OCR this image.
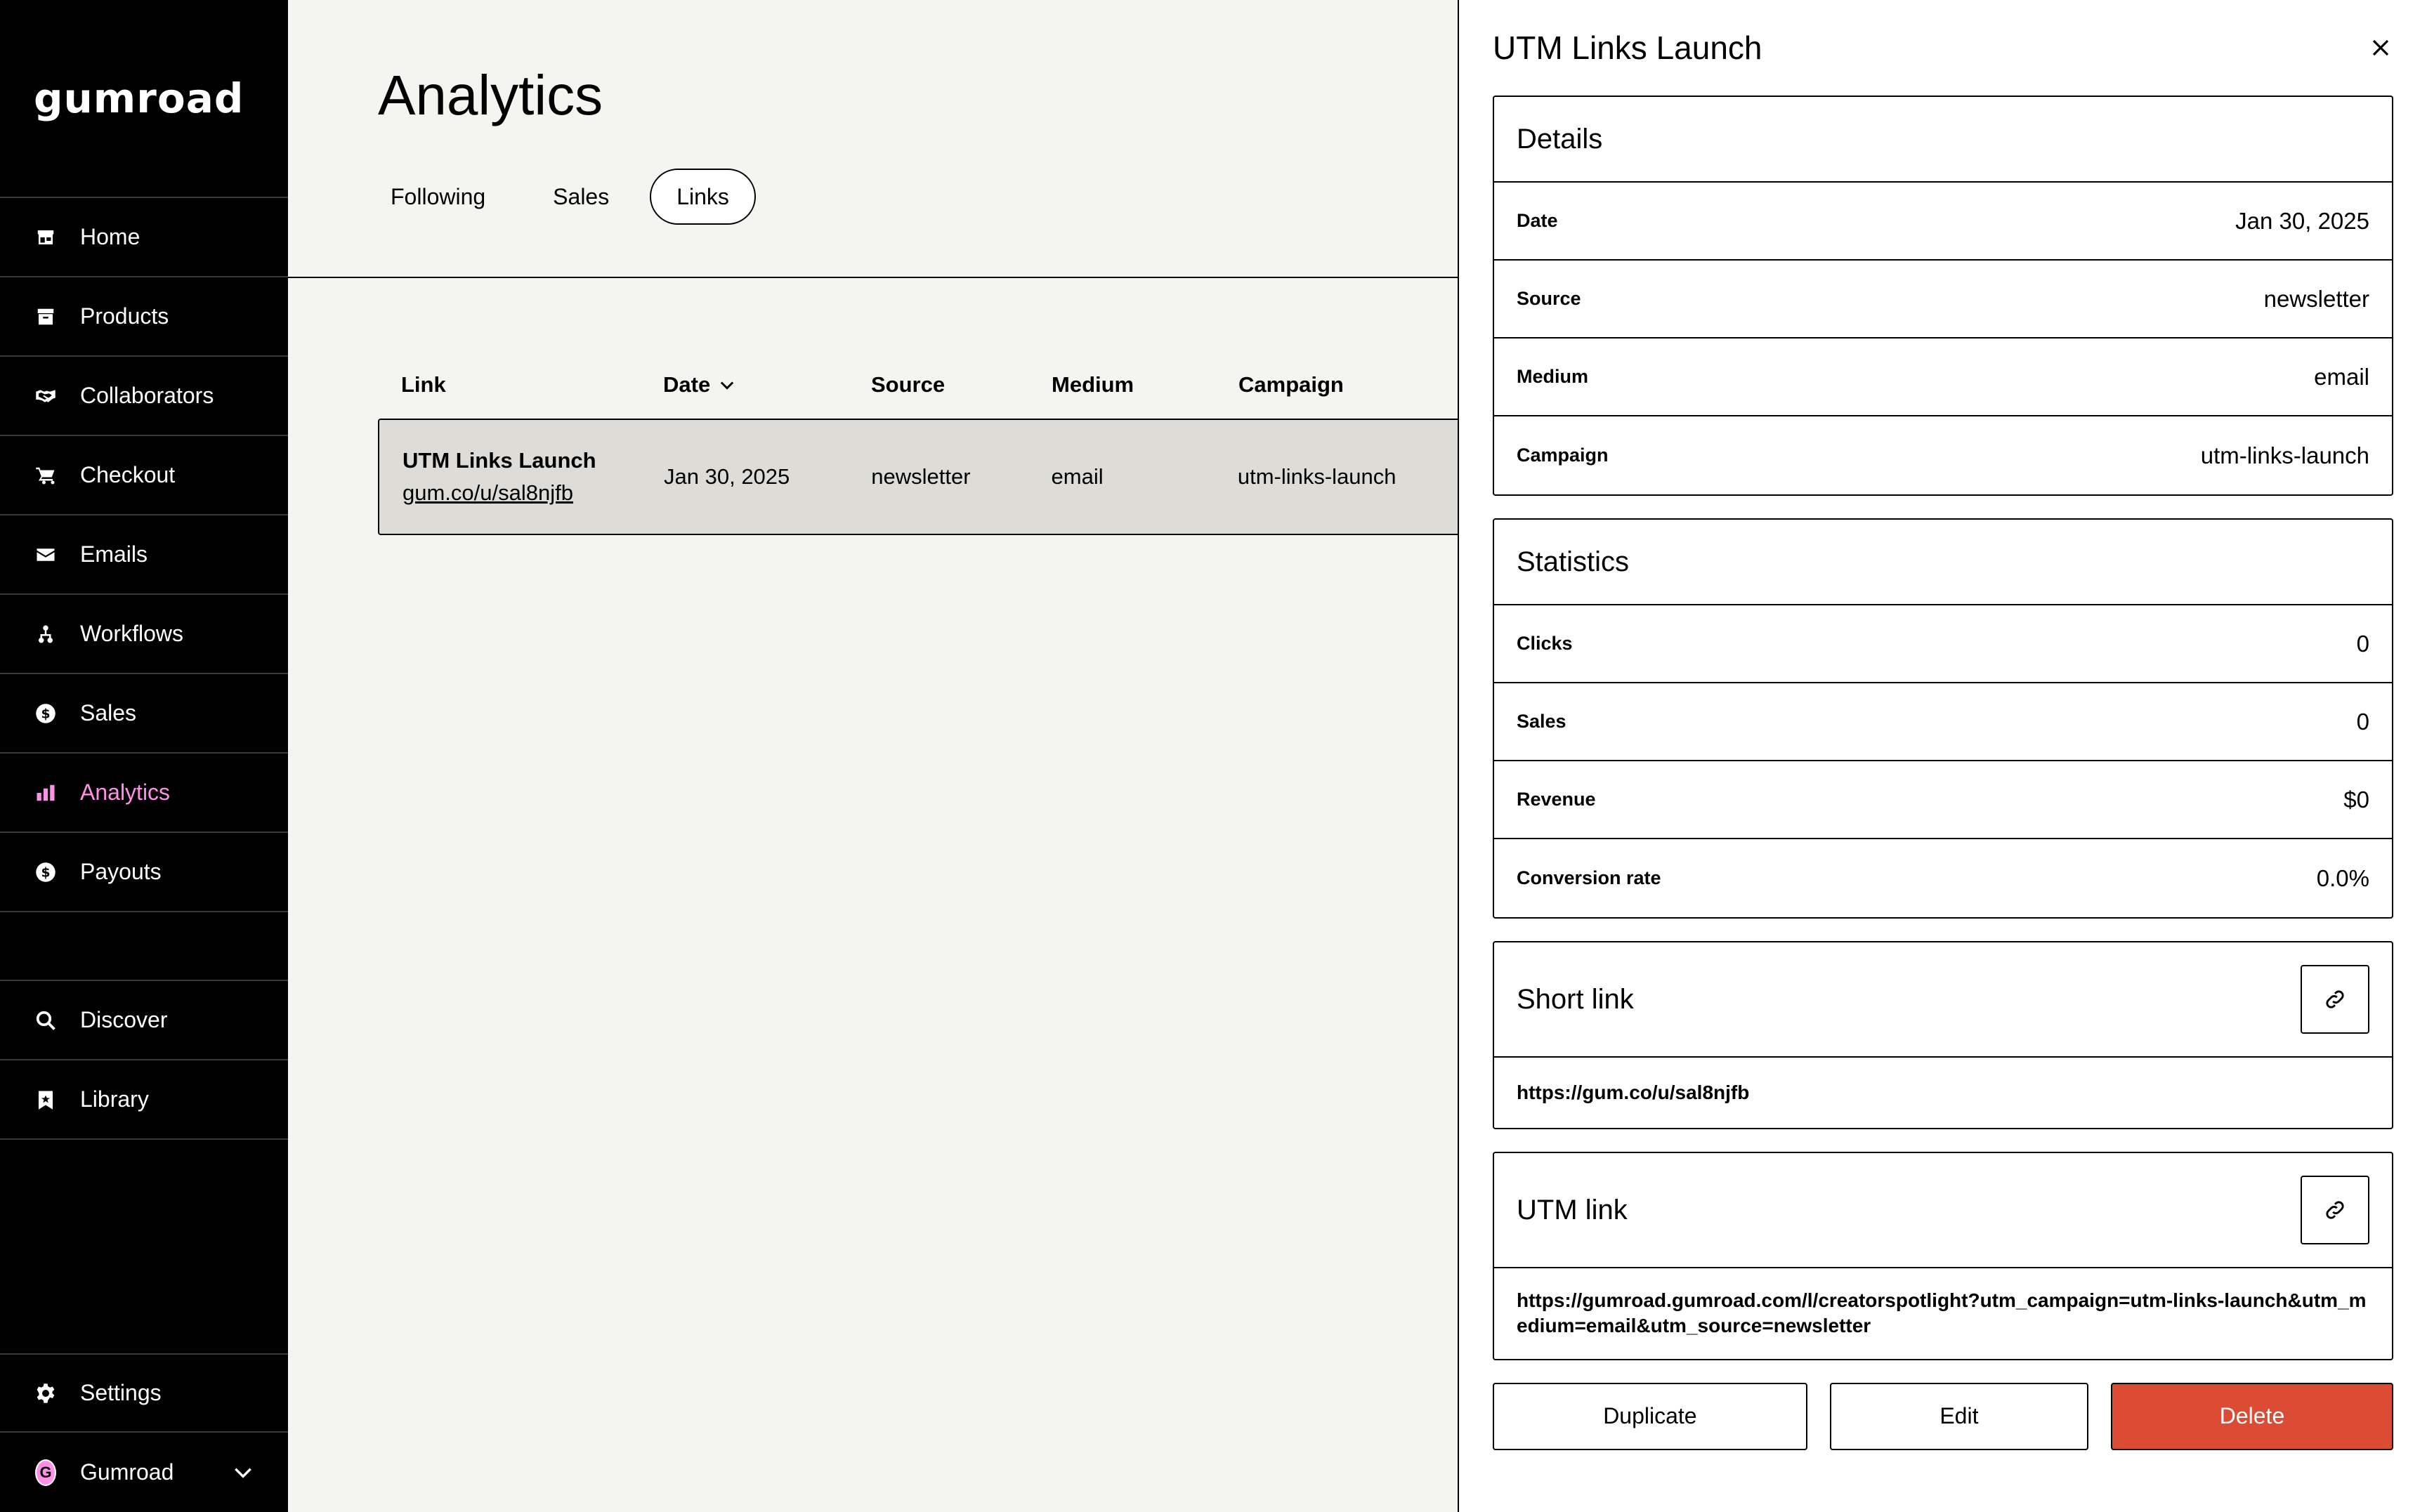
gumroad
Home
Products
Collaborators
Checkout
Emails
Workflows
$ Sales
Analytics
$ Payouts
Discover
Library
Settings
G Gumroad
Analytics
Following	Sales	Links
Link	Date	Source	Medium	Campaign
UTM Links Launch
gum.co/u/sal8njfb
Jan 30, 2025	newsletter	email	utm-links-launch
UTM Links Launch
Details
Date	Jan 30, 2025
Source	newsletter
Medium	email
Campaign	utm-links-launch
Statistics
Clicks	0
Sales	0
Revenue	$0
Conversion rate	0.0%
Short link
https://gum.co/u/sal8njfb
UTM link
https://gumroad.gumroad.com/l/creatorspotlight?utm_campaign=utm-links-launch&utm_medium=email&utm_source=newsletter
Duplicate	Edit	Delete
